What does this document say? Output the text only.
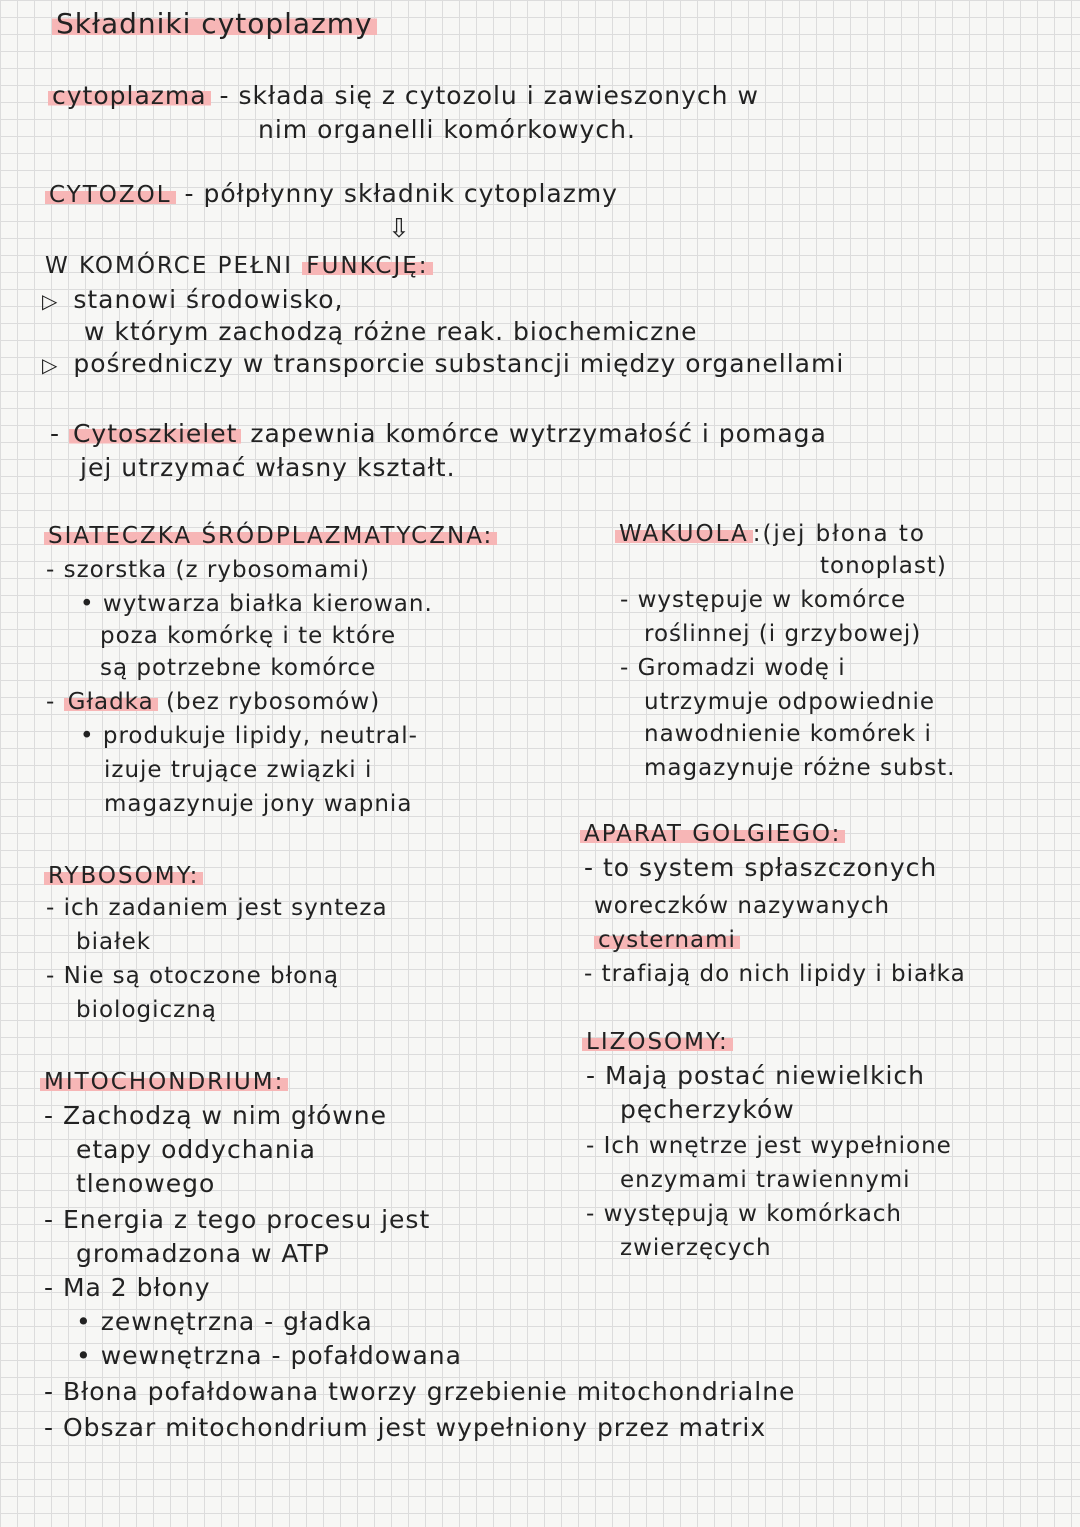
Składniki cytoplazmy
cytoplazma - składa się z cytozolu i zawieszonych w
nim organelli komórkowych.
CYTOZOL - półpłynny składnik cytoplazmy
⇩
W KOMÓRCE PEŁNI FUNKCJĘ:
▷ stanowi środowisko,
w którym zachodzą różne reak. biochemiczne
▷ pośredniczy w transporcie substancji między organellami
- Cytoszkielet zapewnia komórce wytrzymałość i pomaga
jej utrzymać własny kształt.
SIATECZKA ŚRÓDPLAZMATYCZNA:
- szorstka (z rybosomami)
• wytwarza białka kierowan.
poza komórkę i te które
są potrzebne komórce
- Gładka (bez rybosomów)
• produkuje lipidy, neutral-
izuje trujące związki i
magazynuje jony wapnia
RYBOSOMY:
- ich zadaniem jest synteza
białek
- Nie są otoczone błoną
biologiczną
MITOCHONDRIUM:
- Zachodzą w nim główne
etapy oddychania
tlenowego
- Energia z tego procesu jest
gromadzona w ATP
- Ma 2 błony
• zewnętrzna - gładka
• wewnętrzna - pofałdowana
- Błona pofałdowana tworzy grzebienie mitochondrialne
- Obszar mitochondrium jest wypełniony przez matrix
WAKUOLA :(jej błona to
tonoplast)
- występuje w komórce
roślinnej (i grzybowej)
- Gromadzi wodę i
utrzymuje odpowiednie
nawodnienie komórek i
magazynuje różne subst.
APARAT GOLGIEGO:
- to system spłaszczonych
woreczków nazywanych
cysternami
- trafiają do nich lipidy i białka
LIZOSOMY:
- Mają postać niewielkich
pęcherzyków
- Ich wnętrze jest wypełnione
enzymami trawiennymi
- występują w komórkach
zwierzęcych
